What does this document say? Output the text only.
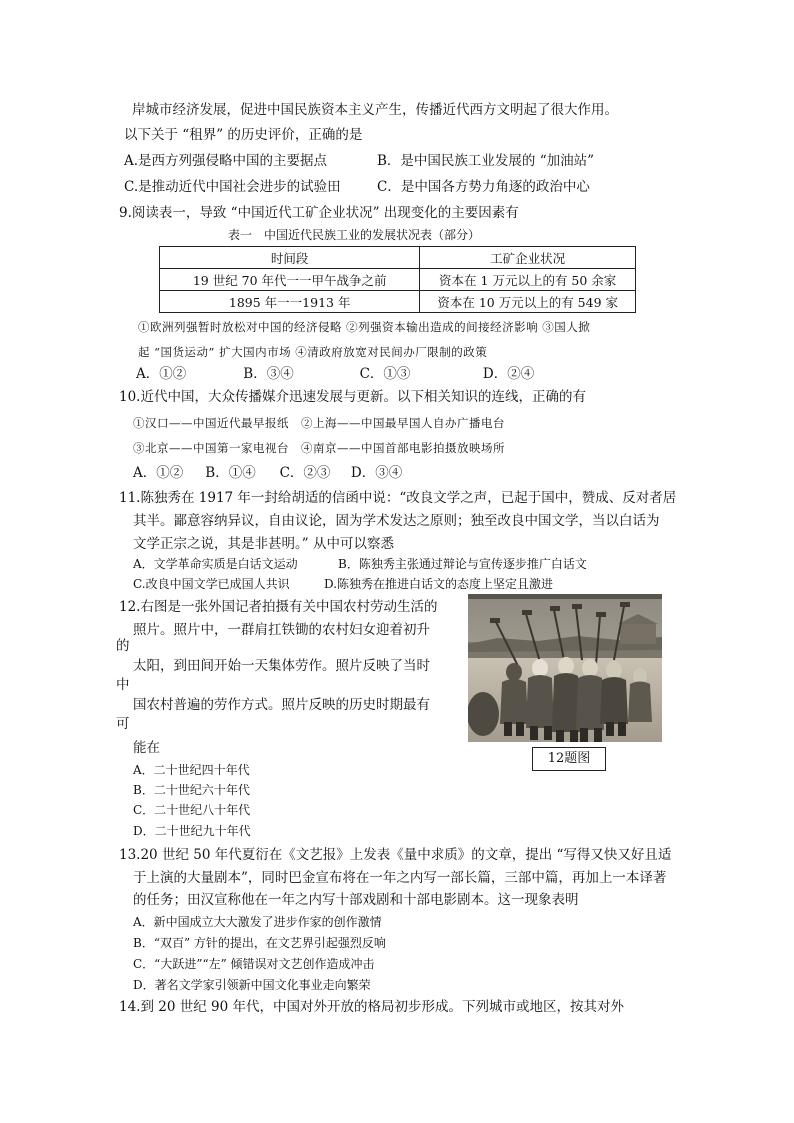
岸城市经济发展，促进中国民族资本主义产生，传播近代西方文明起了很大作用。
以下关于 “租界” 的历史评价，正确的是
A.是西方列强侵略中国的主要据点	B．是中国民族工业发展的 “加油站”
C.是推动近代中国社会进步的试验田	C．是中国各方势力角逐的政治中心
9.阅读表一，导致 “中国近代工矿企业状况” 出现变化的主要因素有
表一　中国近代民族工业的发展状况表（部分）
时间段	工矿企业状况
19 世纪 70 年代一一甲午战争之前	资本在 1 万元以上的有 50 余家
1895 年一一1913 年	资本在 10 万元以上的有 549 家
①欧洲列强暂时放松对中国的经济侵略 ②列强资本输出造成的间接经济影响 ③国人掀
起 “国货运动” 扩大国内市场 ④清政府放宽对民间办厂限制的政策
A．①②	B．③④	C．①③	D．②④
10.近代中国，大众传播媒介迅速发展与更新。以下相关知识的连线，正确的有
①汉口——中国近代最早报纸　②上海——中国最早国人自办广播电台
③北京——中国第一家电视台　④南京——中国首部电影拍摄放映场所
A．①② B．①④ C．②③ D．③④
11.陈独秀在 1917 年一封给胡适的信函中说：“改良文学之声，已起于国中，赞成、反对者居
其半。鄙意容纳异议，自由议论，固为学术发达之原则；独至改良中国文学，当以白话为
文学正宗之说，其是非甚明。” 从中可以察悉
A．文学革命实质是白话文运动	B．陈独秀主张通过辩论与宣传逐步推广白话文
C.改良中国文学已成国人共识	D.陈独秀在推进白话文的态度上坚定且激进
12.右图是一张外国记者拍摄有关中国农村劳动生活的
照片。照片中，一群肩扛铁锄的农村妇女迎着初升
的
太阳，到田间开始一天集体劳作。照片反映了当时
中
国农村普遍的劳作方式。照片反映的历史时期最有
可
能在
A．二十世纪四十年代
B．二十世纪六十年代
C．二十世纪八十年代
D．二十世纪九十年代
12题图
13.20 世纪 50 年代夏衍在《文艺报》上发表《量中求质》的文章，提出 “写得又快又好且适
于上演的大量剧本”，同时巴金宣布将在一年之内写一部长篇，三部中篇，再加上一本译著
的任务；田汉宣称他在一年之内写十部戏剧和十部电影剧本。这一现象表明
A．新中国成立大大激发了进步作家的创作激情
B．“双百” 方针的提出，在文艺界引起强烈反响
C．“大跃进”“左” 倾错误对文艺创作造成冲击
D．著名文学家引领新中国文化事业走向繁荣
14.到 20 世纪 90 年代，中国对外开放的格局初步形成。下列城市或地区，按其对外
